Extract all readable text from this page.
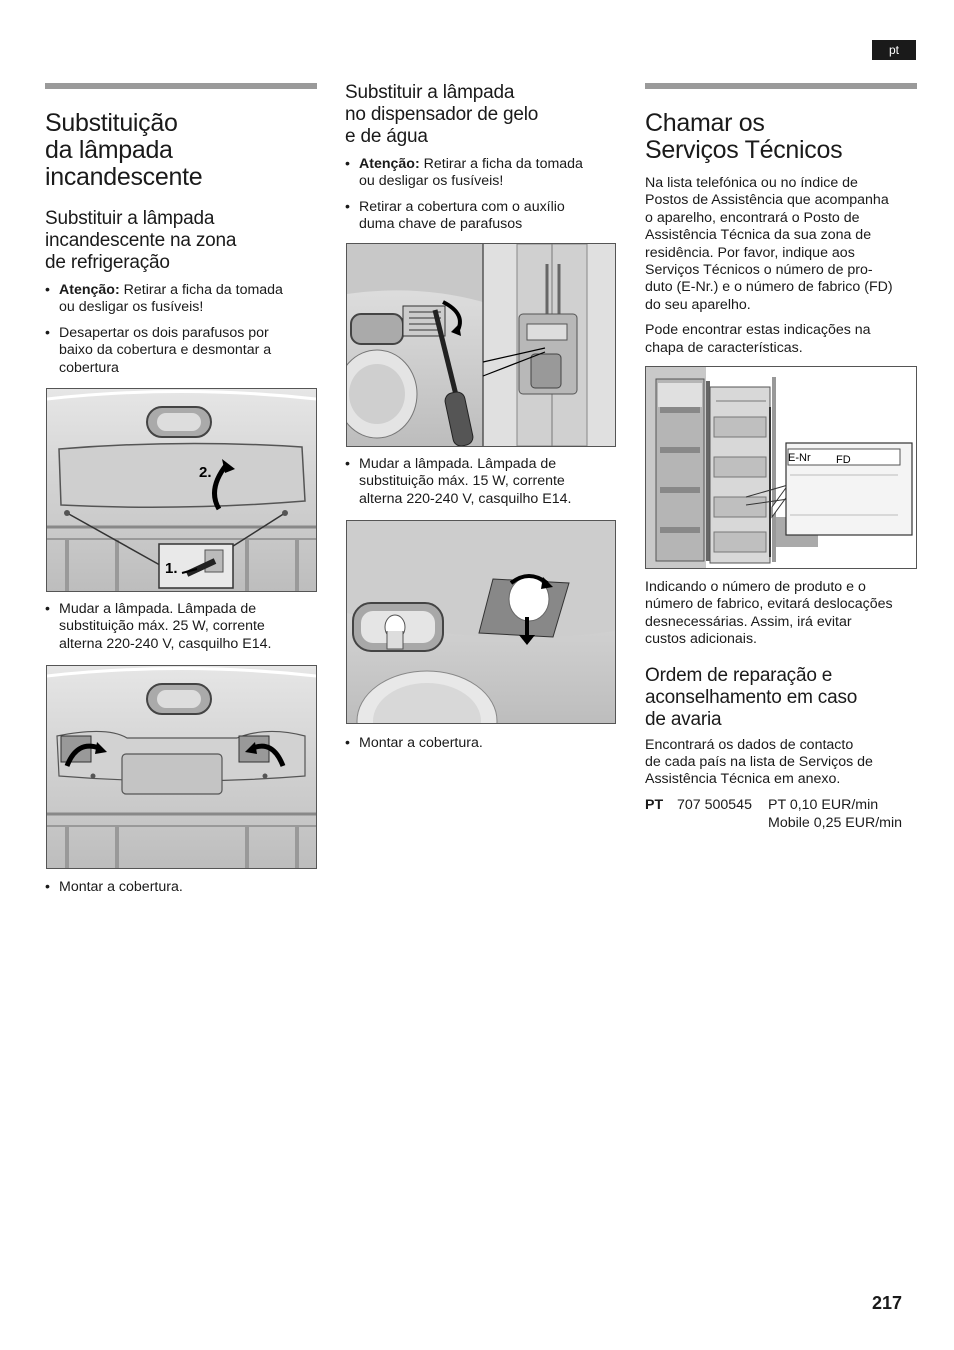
pt
Substituição
da lâmpada
incandescente
Substituir a lâmpada
incandescente na zona
de refrigeração
• Atenção: Retirar a ficha da tomada
ou desligar os fusíveis!
• Desapertar os dois parafusos por
baixo da cobertura e desmontar a
cobertura
2.
1.
• Mudar a lâmpada. Lâmpada de
substituição máx. 25 W, corrente
alterna 220-240 V, casquilho E14.
• Montar a cobertura.
Substituir a lâmpada
no dispensador de gelo
e de água
• Atenção: Retirar a ficha da tomada
ou desligar os fusíveis!
• Retirar a cobertura com o auxílio
duma chave de parafusos
• Mudar a lâmpada. Lâmpada de
substituição máx. 15 W, corrente
alterna 220-240 V, casquilho E14.
• Montar a cobertura.
Chamar os
Serviços Técnicos

Na lista telefónica ou no índice de
Postos de Assistência que acompanha
o aparelho, encontrará o Posto de
Assistência Técnica da sua zona de
residência. Por favor, indique aos
Serviços Técnicos o número de pro-
duto (E-Nr.) e o número de fabrico (FD)
do seu aparelho.

Pode encontrar estas indicações na
chapa de características.

E-Nr FD

Indicando o número de produto e o
número de fabrico, evitará deslocações
desnecessárias. Assim, irá evitar
custos adicionais.

Ordem de reparação e
aconselhamento em caso
de avaria

Encontrará os dados de contacto
de cada país na lista de Serviços de
Assistência Técnica em anexo.

PT 707 500545 PT 0,10 EUR/min
Mobile 0,25 EUR/min
217
